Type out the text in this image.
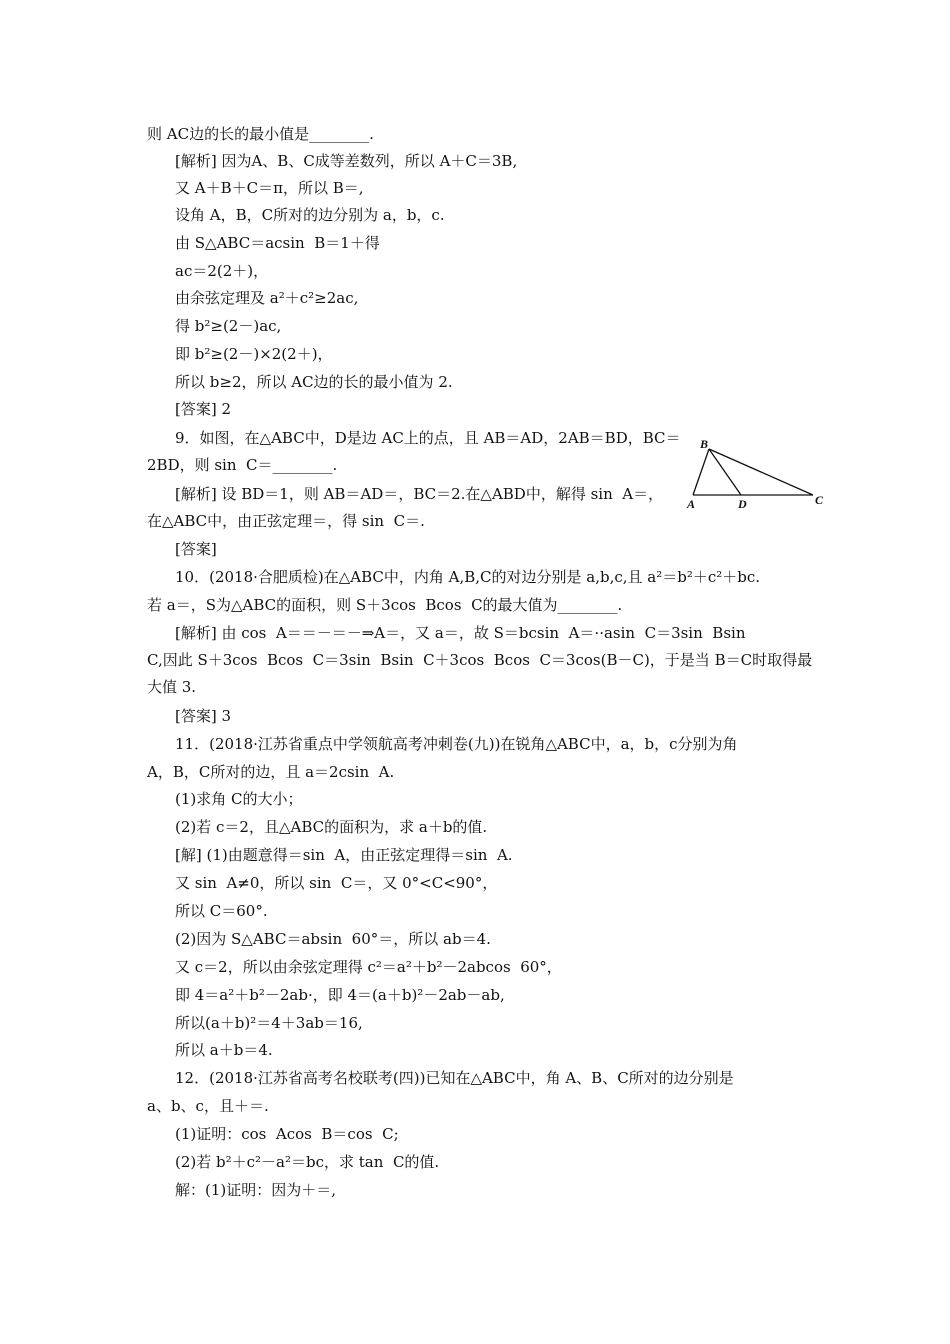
则 AC边的长的最小值是________.
[解析] 因为A、B、C成等差数列，所以 A＋C＝3B,
又 A＋B＋C＝π，所以 B＝,
设角 A，B，C所对的边分别为 a，b，c.
由 S△ABC＝acsin  B＝1＋得
ac＝2(2＋)，
由余弦定理及 a²＋c²≥2ac,
得 b²≥(2－)ac,
即 b²≥(2－)×2(2＋)，
所以 b≥2，所以 AC边的长的最小值为 2.
[答案] 2
9．如图，在△ABC中，D是边 AC上的点，且 AB＝AD，2AB＝BD，BC＝
2BD，则 sin  C＝________.
[解析] 设 BD＝1，则 AB＝AD＝，BC＝2.在△ABD中，解得 sin  A＝，
在△ABC中，由正弦定理＝，得 sin  C＝.
[答案]
10．(2018·合肥质检)在△ABC中，内角 A,B,C的对边分别是 a,b,c,且 a²＝b²＋c²＋bc.
若 a＝，S为△ABC的面积，则 S＋3cos  Bcos  C的最大值为________.
[解析] 由 cos  A＝＝－＝－⇒A＝，又 a＝，故 S＝bcsin  A＝··asin  C＝3sin  Bsin
C,因此 S＋3cos  Bcos  C＝3sin  Bsin  C＋3cos  Bcos  C＝3cos(B－C)，于是当 B＝C时取得最
大值 3.
[答案] 3
11．(2018·江苏省重点中学领航高考冲刺卷(九))在锐角△ABC中，a，b，c分别为角
A，B，C所对的边，且 a＝2csin  A.
(1)求角 C的大小；
(2)若 c＝2，且△ABC的面积为，求 a＋b的值.
[解] (1)由题意得＝sin  A，由正弦定理得＝sin  A.
又 sin  A≠0，所以 sin  C＝，又 0°<C<90°，
所以 C＝60°.
(2)因为 S△ABC＝absin  60°＝，所以 ab＝4.
又 c＝2，所以由余弦定理得 c²＝a²＋b²－2abcos  60°，
即 4＝a²＋b²－2ab·，即 4＝(a＋b)²－2ab－ab,
所以(a＋b)²＝4＋3ab＝16,
所以 a＋b＝4.
12．(2018·江苏省高考名校联考(四))已知在△ABC中，角 A、B、C所对的边分别是
a、b、c，且＋＝.
(1)证明：cos  Acos  B＝cos  C;
(2)若 b²＋c²－a²＝bc，求 tan  C的值.
解：(1)证明：因为＋＝,
B
A	D	C
